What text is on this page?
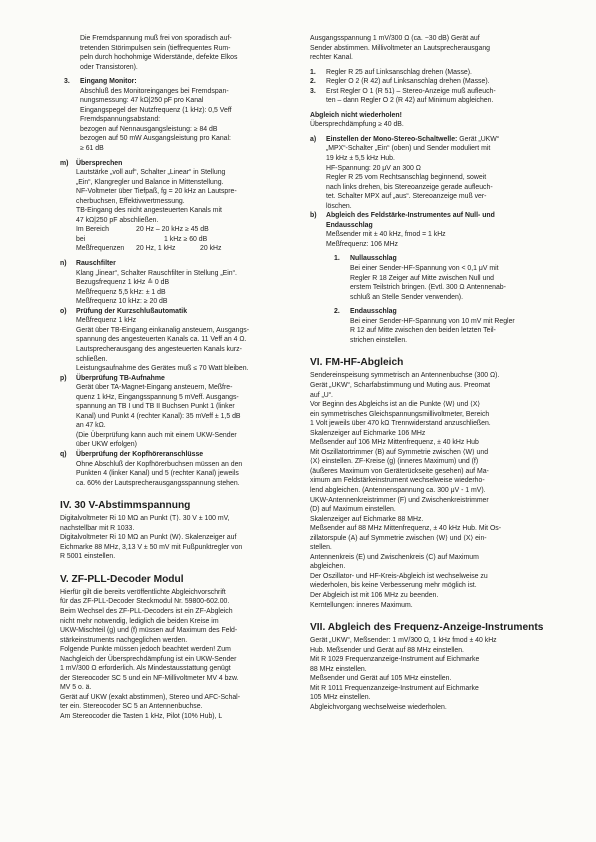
Die Fremdspannung muß frei von sporadisch auf-

tretenden Störimpulsen sein (tieffrequentes Rum-

peln durch hochohmige Widerstände, defekte Elkos

oder Transistoren).

3.	Eingang Monitor:

Abschluß des Monitoreinganges bei Fremdspan-

nungsmessung: 47 kΩ|250 pF pro Kanal

Eingangspegel der Nutzfrequenz (1 kHz): 0,5 Veff

Fremdspannungsabstand:

bezogen auf Nennausgangsleistung: ≥ 84 dB

bezogen auf 50 mW Ausgangsleistung pro Kanal:

≥ 61 dB

m)	Übersprechen

Lautstärke „voll auf“, Schalter „Linear“ in Stellung

„Ein“, Klangregler und Balance in Mittenstellung.

NF-Voltmeter über Tiefpaß, fg = 20 kHz an Lautspre-

cherbuchsen, Effektivwertmessung.

TB-Eingang des nicht angesteuerten Kanals mit

47 kΩ|250 pF abschließen.

Im Bereich	20 Hz – 20 kHz ≥ 45 dB
bei	1 kHz ≥ 60 dB
Meßfrequenzen 20 Hz, 1 kHz	20 kHz
n)	Rauschfilter

Klang „linear“, Schalter Rauschfilter in Stellung „Ein“.

Bezugsfrequenz 1 kHz ≙ 0 dB

Meßfrequenz 5,5 kHz: ± 1 dB

Meßfrequenz 10 kHz: ≥ 20 dB

o)	Prüfung der Kurzschlußautomatik

Meßfrequenz 1 kHz

Gerät über TB-Eingang einkanalig ansteuern, Ausgangs-

spannung des angesteuerten Kanals ca. 11 Veff an 4 Ω.

Lautsprecherausgang des angesteuerten Kanals kurz-

schließen.

Leistungsaufnahme des Gerätes muß ≤ 70 Watt bleiben.

p)	Überprüfung TB-Aufnahme

Gerät über TA-Magnet-Eingang ansteuern, Meßfre-

quenz 1 kHz, Eingangsspannung 5 mVeff. Ausgangs-

spannung an TB I und TB II Buchsen Punkt 1 (linker

Kanal) und Punkt 4 (rechter Kanal): 35 mVeff ± 1,5 dB

an 47 kΩ.

(Die Überprüfung kann auch mit einem UKW-Sender

über UKW erfolgen)

q)	Überprüfung der Kopfhöreranschlüsse

Ohne Abschluß der Kopfhörerbuchsen müssen an den

Punkten 4 (linker Kanal) und 5 (rechter Kanal) jeweils

ca. 60% der Lautsprecherausgangsspannung stehen.

IV. 30 V-Abstimmspannung

Digitalvoltmeter Ri 10 MΩ an Punkt ⟨T⟩. 30 V ± 100 mV,

nachstellbar mit R 1033.

Digitalvoltmeter Ri 10 MΩ an Punkt ⟨W⟩. Skalenzeiger auf

Eichmarke 88 MHz, 3,13 V ± 50 mV mit Fußpunktregler von

R 5001 einstellen.

V. ZF-PLL-Decoder Modul

Hierfür gilt die bereits veröffentlichte Abgleichvorschrift

für das ZF-PLL-Decoder Steckmodul Nr. 59800-602.00.

Beim Wechsel des ZF-PLL-Decoders ist ein ZF-Abgleich

nicht mehr notwendig, lediglich die beiden Kreise im

UKW-Mischteil (g) und (f) müssen auf Maximum des Feld-

stärkeinstruments nachgeglichen werden.

Folgende Punkte müssen jedoch beachtet werden! Zum

Nachgleich der Übersprechdämpfung ist ein UKW-Sender

1 mV/300 Ω erforderlich. Als Mindestausstattung genügt

der Stereocoder SC 5 und ein NF-Millivoltmeter MV 4 bzw.

MV 5 o. ä.

Gerät auf UKW (exakt abstimmen), Stereo und AFC-Schal-

ter ein. Stereocoder SC 5 an Antennenbuchse.

Am Stereocoder die Tasten 1 kHz, Pilot (10% Hub), L

Ausgangsspannung 1 mV/300 Ω (ca. −30 dB) Gerät auf

Sender abstimmen. Millivoltmeter an Lautsprecherausgang

rechter Kanal.

1.	Regler R 25 auf Linksanschlag drehen (Masse).

2.	Regler O 2 (R 42) auf Linksanschlag drehen (Masse).

3.	Erst Regler O 1 (R 51) – Stereo-Anzeige muß aufleuch-

ten – dann Regler O 2 (R 42) auf Minimum abgleichen.

Abgleich nicht wiederholen!

Übersprechdämpfung ≥ 40 dB.

a)	Einstellen der Mono-Stereo-Schaltwelle: Gerät „UKW“

„MPX“-Schalter „Ein“ (oben) und Sender moduliert mit

19 kHz ± 5,5 kHz Hub.

HF-Spannung: 20 μV an 300 Ω

Regler R 25 vom Rechtsanschlag beginnend, soweit

nach links drehen, bis Stereoanzeige gerade aufleuch-

tet. Schalter MPX auf „aus“. Stereoanzeige muß ver-

löschen.

b)	Abgleich des Feldstärke-Instrumentes auf Null- und

Endausschlag

Meßsender mit ± 40 kHz, fmod = 1 kHz

Meßfrequenz: 106 MHz

1.	Nullausschlag

Bei einer Sender-HF-Spannung von < 0,1 μV mit

Regler R 18 Zeiger auf Mitte zwischen Null und

erstem Teilstrich bringen. (Evtl. 300 Ω Antennenab-

schluß an Stelle Sender verwenden).

2.	Endausschlag

Bei einer Sender-HF-Spannung von 10 mV mit Regler

R 12 auf Mitte zwischen den beiden letzten Teil-

strichen einstellen.

VI. FM-HF-Abgleich

Sendereinspeisung symmetrisch an Antennenbuchse (300 Ω).

Gerät „UKW“, Scharfabstimmung und Muting aus. Preomat

auf „U“.

Vor Beginn des Abgleichs ist an die Punkte ⟨W⟩ und ⟨X⟩

ein symmetrisches Gleichspannungsmillivoltmeter, Bereich

1 Volt jeweils über 470 kΩ Trennwiderstand anzuschließen.

Skalenzeiger auf Eichmarke 106 MHz

Meßsender auf 106 MHz Mittenfrequenz, ± 40 kHz Hub

Mit Oszillatortrimmer (B) auf Symmetrie zwischen ⟨W⟩ und

⟨X⟩ einstellen. ZF-Kreise (g) (inneres Maximum) und (f)

(äußeres Maximum von Geräterückseite gesehen) auf Ma-

ximum am Feldstärkeinstrument wechselweise wiederho-

lend abgleichen. (Antennenspannung ca. 300 μV - 1 mV).

UKW-Antennenkreistrimmer (F) und Zwischenkreistrimmer

(D) auf Maximum einstellen.

Skalenzeiger auf Eichmarke 88 MHz.

Meßsender auf 88 MHz Mittenfrequenz, ± 40 kHz Hub. Mit Os-

zillatorspule (A) auf Symmetrie zwischen ⟨W⟩ und ⟨X⟩ ein-

stellen.

Antennenkreis (E) und Zwischenkreis (C) auf Maximum

abgleichen.

Der Oszillator- und HF-Kreis-Abgleich ist wechselweise zu

wiederholen, bis keine Verbesserung mehr möglich ist.

Der Abgleich ist mit 106 MHz zu beenden.

Kerntellungen: inneres Maximum.

VII. Abgleich des Frequenz-Anzeige-Instruments

Gerät „UKW“, Meßsender: 1 mV/300 Ω, 1 kHz fmod ± 40 kHz

Hub. Meßsender und Gerät auf 88 MHz einstellen.

Mit R 1029 Frequenzanzeige-Instrument auf Eichmarke

88 MHz einstellen.

Meßsender und Gerät auf 105 MHz einstellen.

Mit R 1011 Frequenzanzeige-Instrument auf Eichmarke

105 MHz einstellen.

Abgleichvorgang wechselweise wiederholen.
